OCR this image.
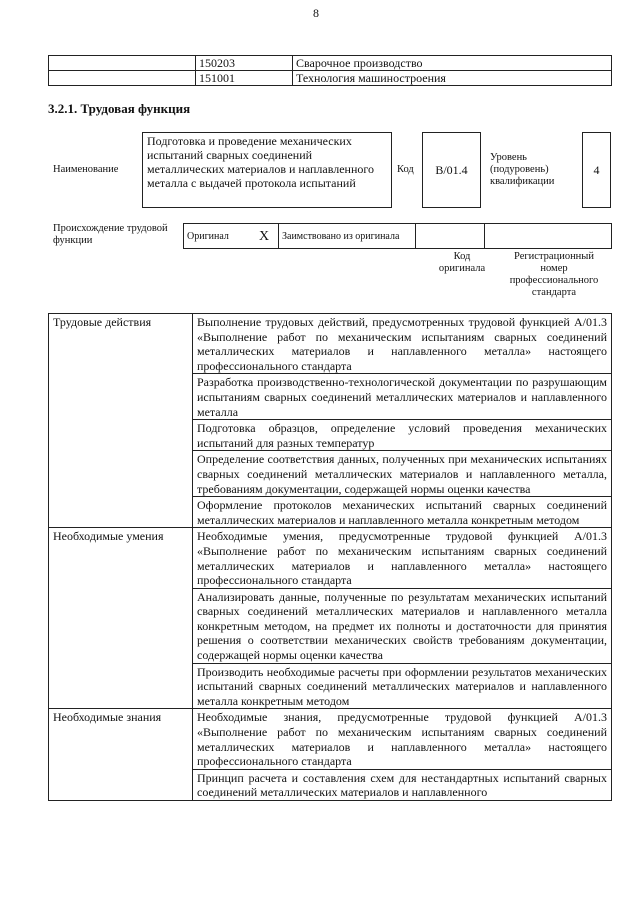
8
	150203	Сварочное производство
	151001	Технология машиностроения
3.2.1. Трудовая функция
Наименование
Подготовка и проведение механических испытаний сварных соединений металлических материалов и наплавленного металла с выдачей протокола испытаний
Код B/01.4
Уровень (подуровень) квалификации
4
Происхождение трудовой функции	Оригинал	X	Заимствовано из оригинала		
Код оригинала
Регистрационный номер профессионального стандарта
Трудовые действия	Выполнение трудовых действий, предусмотренных трудовой функцией А/01.3 «Выполнение работ по механическим испытаниям сварных соединений металлических материалов и наплавленного металла» настоящего профессионального стандарта
	Разработка производственно-технологической документации по разрушающим испытаниям сварных соединений металлических материалов и наплавленного металла
	Подготовка образцов, определение условий проведения механических испытаний для разных температур
	Определение соответствия данных, полученных при механических испытаниях сварных соединений металлических материалов и наплавленного металла, требованиям документации, содержащей нормы оценки качества
	Оформление протоколов механических испытаний сварных соединений металлических материалов и наплавленного металла конкретным методом
Необходимые умения	Необходимые умения, предусмотренные трудовой функцией А/01.3 «Выполнение работ по механическим испытаниям сварных соединений металлических материалов и наплавленного металла» настоящего профессионального стандарта
	Анализировать данные, полученные по результатам механических испытаний сварных соединений металлических материалов и наплавленного металла конкретным методом, на предмет их полноты и достаточности для принятия решения о соответствии механических свойств требованиям документации, содержащей нормы оценки качества
	Производить необходимые расчеты при оформлении результатов механических испытаний сварных соединений металлических материалов и наплавленного металла конкретным методом
Необходимые знания	Необходимые знания, предусмотренные трудовой функцией А/01.3 «Выполнение работ по механическим испытаниям сварных соединений металлических материалов и наплавленного металла» настоящего профессионального стандарта
	Принцип расчета и составления схем для нестандартных испытаний сварных соединений металлических материалов и наплавленного
